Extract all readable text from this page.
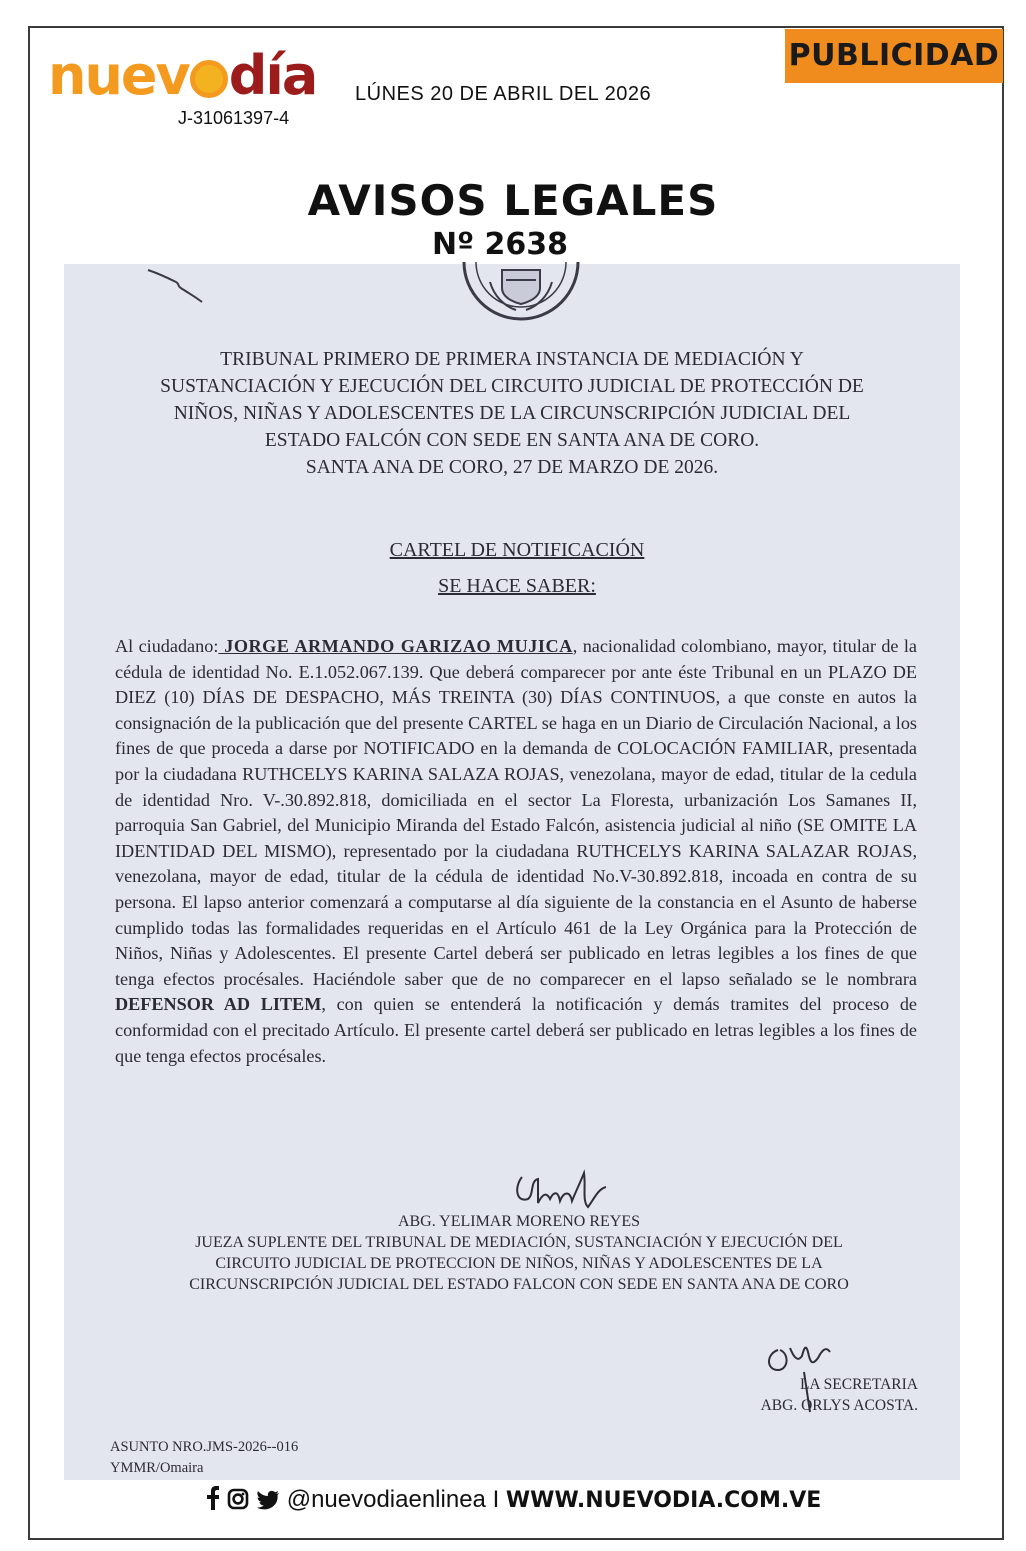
nuev día
J-31061397-4
LÚNES 20 DE ABRIL DEL 2026
PUBLICIDAD
AVISOS LEGALES
Nº 2638
TRIBUNAL PRIMERO DE PRIMERA INSTANCIA DE MEDIACIÓN Y
SUSTANCIACIÓN Y EJECUCIÓN DEL CIRCUITO JUDICIAL DE PROTECCIÓN DE
NIÑOS, NIÑAS Y ADOLESCENTES DE LA CIRCUNSCRIPCIÓN JUDICIAL DEL
ESTADO FALCÓN CON SEDE EN SANTA ANA DE CORO.
SANTA ANA DE CORO, 27 DE MARZO DE 2026.
CARTEL DE NOTIFICACIÓN
SE HACE SABER:
Al ciudadano: JORGE ARMANDO GARIZAO MUJICA, nacionalidad colombiano, mayor, titular de la cédula de identidad No. E.1.052.067.139. Que deberá comparecer por ante éste Tribunal en un PLAZO DE DIEZ (10) DÍAS DE DESPACHO, MÁS TREINTA (30) DÍAS CONTINUOS, a que conste en autos la consignación de la publicación que del presente CARTEL se haga en un Diario de Circulación Nacional, a los fines de que proceda a darse por NOTIFICADO en la demanda de COLOCACIÓN FAMILIAR, presentada por la ciudadana RUTHCELYS KARINA SALAZA ROJAS, venezolana, mayor de edad, titular de la cedula de identidad Nro. V-.30.892.818, domiciliada en el sector La Floresta, urbanización Los Samanes II, parroquia San Gabriel, del Municipio Miranda del Estado Falcón, asistencia judicial al niño (SE OMITE LA IDENTIDAD DEL MISMO), representado por la ciudadana RUTHCELYS KARINA SALAZAR ROJAS, venezolana, mayor de edad, titular de la cédula de identidad No.V-30.892.818, incoada en contra de su persona. El lapso anterior comenzará a computarse al día siguiente de la constancia en el Asunto de haberse cumplido todas las formalidades requeridas en el Artículo 461 de la Ley Orgánica para la Protección de Niños, Niñas y Adolescentes. El presente Cartel deberá ser publicado en letras legibles a los fines de que tenga efectos procésales. Haciéndole saber que de no comparecer en el lapso señalado se le nombrara DEFENSOR AD LITEM, con quien se entenderá la notificación y demás tramites del proceso de conformidad con el precitado Artículo. El presente cartel deberá ser publicado en letras legibles a los fines de que tenga efectos procésales.
ABG. YELIMAR MORENO REYES
JUEZA SUPLENTE DEL TRIBUNAL DE MEDIACIÓN, SUSTANCIACIÓN Y EJECUCIÓN DEL
CIRCUITO JUDICIAL DE PROTECCION DE NIÑOS, NIÑAS Y ADOLESCENTES DE LA
CIRCUNSCRIPCIÓN JUDICIAL DEL ESTADO FALCON CON SEDE EN SANTA ANA DE CORO
LA SECRETARIA
ABG. ORLYS ACOSTA.
ASUNTO NRO.JMS-2026--016
YMMR/Omaira
@nuevodiaenlinea I WWW.NUEVODIA.COM.VE
